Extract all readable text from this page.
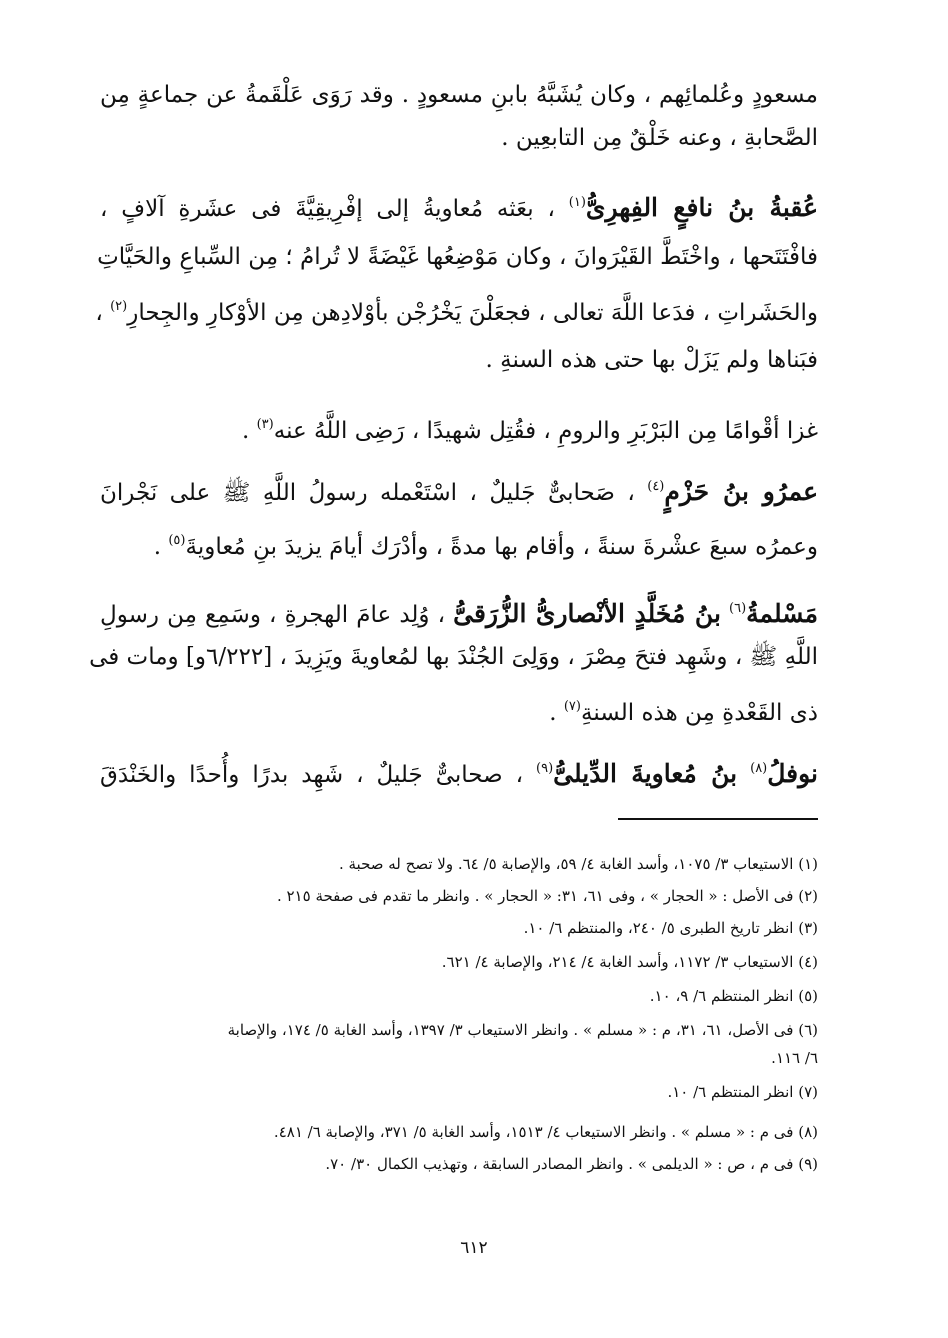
مسعودٍ وعُلمائِهم ، وكان يُشَبَّهُ بابنِ مسعودٍ . وقد رَوَى عَلْقَمةُ عن جماعةٍ مِن
الصَّحابةِ ، وعنه خَلْقٌ مِن التابعِين .
عُقبةُ بنُ نافعٍ الفِهرِىُّ$^{(١)}$ ، بعَثه مُعاويةُ إلى إفْرِيقِيَّةَ فى عشَرةِ آلافٍ ،
فافْتَتَحها ، واخْتَطَّ القَيْرَوانَ ، وكان مَوْضِعُها غَيْضَةً لا تُرامُ ؛ مِن السِّباعِ والحَيَّاتِ
والحَشَراتِ ، فدَعا اللَّهَ تعالى ، فجعَلْنَ يَخْرُجْن بأوْلادِهن مِن الأوْكارِ والجِحارِ$^{(٢)}$ ،
فبَناها ولم يَزَلْ بها حتى هذه السنةِ .
غزا أقْوامًا مِن البَرْبَرِ والرومِ ، فقُتِل شهيدًا ، رَضِى اللَّهُ عنه$^{(٣)}$ .
عمرُو بنُ حَزْمٍ$^{(٤)}$ ، صَحابىٌّ جَليلٌ ، اسْتَعْمله رسولُ اللَّهِ ﷺ على نَجْرانَ
وعمرُه سبعَ عشْرةَ سنةً ، وأقام بها مدةً ، وأدْرَك أيامَ يزيدَ بنِ مُعاويةَ$^{(٥)}$ .
مَسْلمةُ$^{(٦)}$ بنُ مُخَلَّدٍ الأنْصارىُّ الزُّرَقىُّ ، وُلِد عامَ الهجرةِ ، وسَمِع مِن رسولِ
اللَّهِ ﷺ ، وشَهِد فتحَ مِصْرَ ، ووَلِىَ الجُنْدَ بها لمُعاويةَ ويَزِيدَ ، [٦/٢٢٢و] ومات فى
ذى القَعْدةِ مِن هذه السنةِ$^{(٧)}$ .
نوفلُ$^{(٨)}$ بنُ مُعاويةَ الدِّيلىُّ$^{(٩)}$ ، صحابىٌّ جَليلٌ ، شَهِد بدرًا وأُحدًا والخَنْدَقَ
(١) الاستيعاب ٣/ ١٠٧٥، وأسد الغابة ٤/ ٥٩، والإصابة ٥/ ٦٤. ولا تصح له صحبة .
(٢) فى الأصل : « الحجار » ، وفى ٦١، ٣١: « الحجار » . وانظر ما تقدم فى صفحة ٢١٥ .
(٣) انظر تاريخ الطبرى ٥/ ٢٤٠، والمنتظم ٦/ ١٠.
(٤) الاستيعاب ٣/ ١١٧٢، وأسد الغابة ٤/ ٢١٤، والإصابة ٤/ ٦٢١.
(٥) انظر المنتظم ٦/ ٩، ١٠.
(٦) فى الأصل، ٦١، ٣١، م : « مسلم » . وانظر الاستيعاب ٣/ ١٣٩٧، وأسد الغابة ٥/ ١٧٤، والإصابة
٦/ ١١٦.
(٧) انظر المنتظم ٦/ ١٠.
(٨) فى م : « مسلم » . وانظر الاستيعاب ٤/ ١٥١٣، وأسد الغابة ٥/ ٣٧١، والإصابة ٦/ ٤٨١.
(٩) فى م ، ص : « الديلمى » . وانظر المصادر السابقة ، وتهذيب الكمال ٣٠/ ٧٠.
٦١٢
